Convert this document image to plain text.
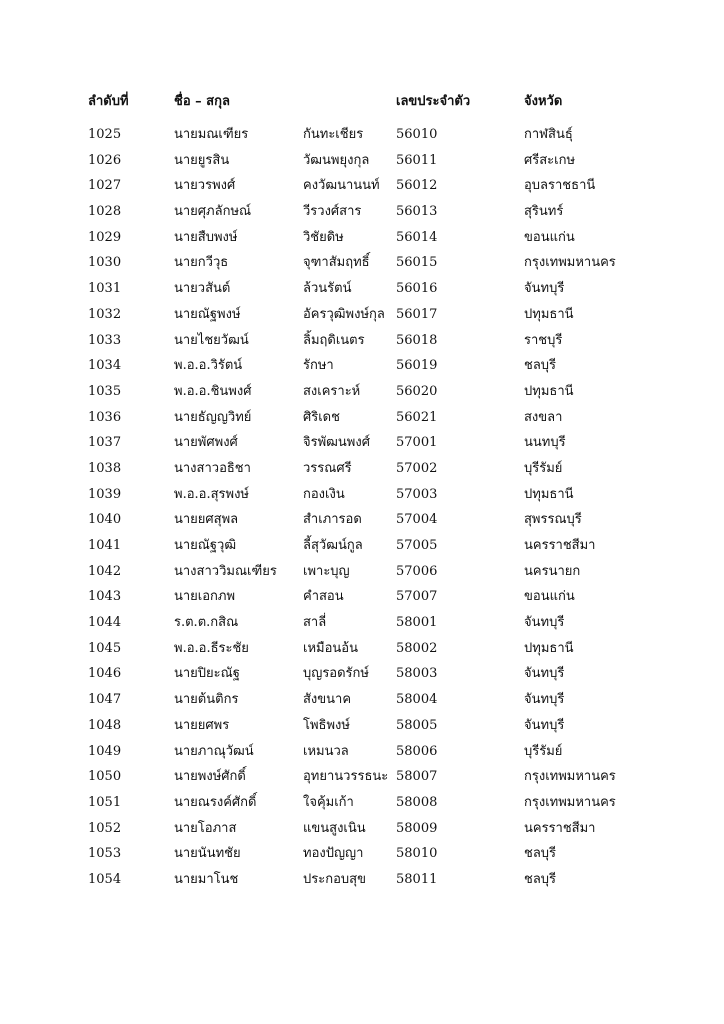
ลำดับที่	ชื่อ – สกุล	เลขประจำตัว	จังหวัด
1025	นายมณเฑียร	กันทะเชียร	56010	กาฬสินธุ์
1026	นายยูรสิน	วัฒนพยุงกุล 56011	ศรีสะเกษ
1027	นายวรพงศ์	คงวัฒนานนท์ 56012	อุบลราชธานี
1028	นายศุภลักษณ์	วีรวงศ์สาร	56013	สุรินทร์
1029	นายสืบพงษ์	วิชัยดิษ	56014	ขอนแก่น
1030	นายกวีวุธ	จุฑาสัมฤทธิ์ 56015	กรุงเทพมหานคร
1031	นายวสันต์	ล้วนรัตน์	56016	จันทบุรี
1032	นายณัฐพงษ์	อัครวุฒิพงษ์กุล 56017	ปทุมธานี
1033	นายไชยวัฒน์	ลิ้มฤดิเนตร 56018	ราชบุรี
1034	พ.อ.อ.วิรัตน์	รักษา	56019	ชลบุรี
1035	พ.อ.อ.ชินพงศ์	สงเคราะห์	56020	ปทุมธานี
1036	นายธัญญวิทย์	ศิริเดช	56021	สงขลา
1037	นายพัศพงศ์	จิรพัฒนพงศ์ 57001	นนทบุรี
1038	นางสาวอธิชา	วรรณศรี	57002	บุรีรัมย์
1039	พ.อ.อ.สุรพงษ์	กองเงิน	57003	ปทุมธานี
1040	นายยศสุพล	สำเภารอด	57004	สุพรรณบุรี
1041	นายณัฐวุฒิ	ลี้สุวัฒน์กูล	57005	นครราชสีมา
1042	นางสาววิมณเฑียร เพาะบุญ	57006	นครนายก
1043	นายเอกภพ	คำสอน	57007	ขอนแก่น
1044	ร.ต.ต.กสิณ	สาลี่	58001	จันทบุรี
1045	พ.อ.อ.ธีระชัย	เหมือนอ้น	58002	ปทุมธานี
1046	นายปิยะณัฐ	บุญรอดรักษ์ 58003	จันทบุรี
1047	นายต้นติกร	สังขนาค	58004	จันทบุรี
1048	นายยศพร	โพธิพงษ์	58005	จันทบุรี
1049	นายภาณุวัฒน์	เหมนวล	58006	บุรีรัมย์
1050	นายพงษ์ศักดิ์	อุทยานวรรธนะ 58007	กรุงเทพมหานคร
1051	นายณรงค์ศักดิ์	ใจคุ้มเก้า	58008	กรุงเทพมหานคร
1052	นายโอภาส	แขนสูงเนิน 58009	นครราชสีมา
1053	นายนันทชัย	ทองปัญญา	58010	ชลบุรี
1054	นายมาโนช	ประกอบสุข 58011	ชลบุรี
